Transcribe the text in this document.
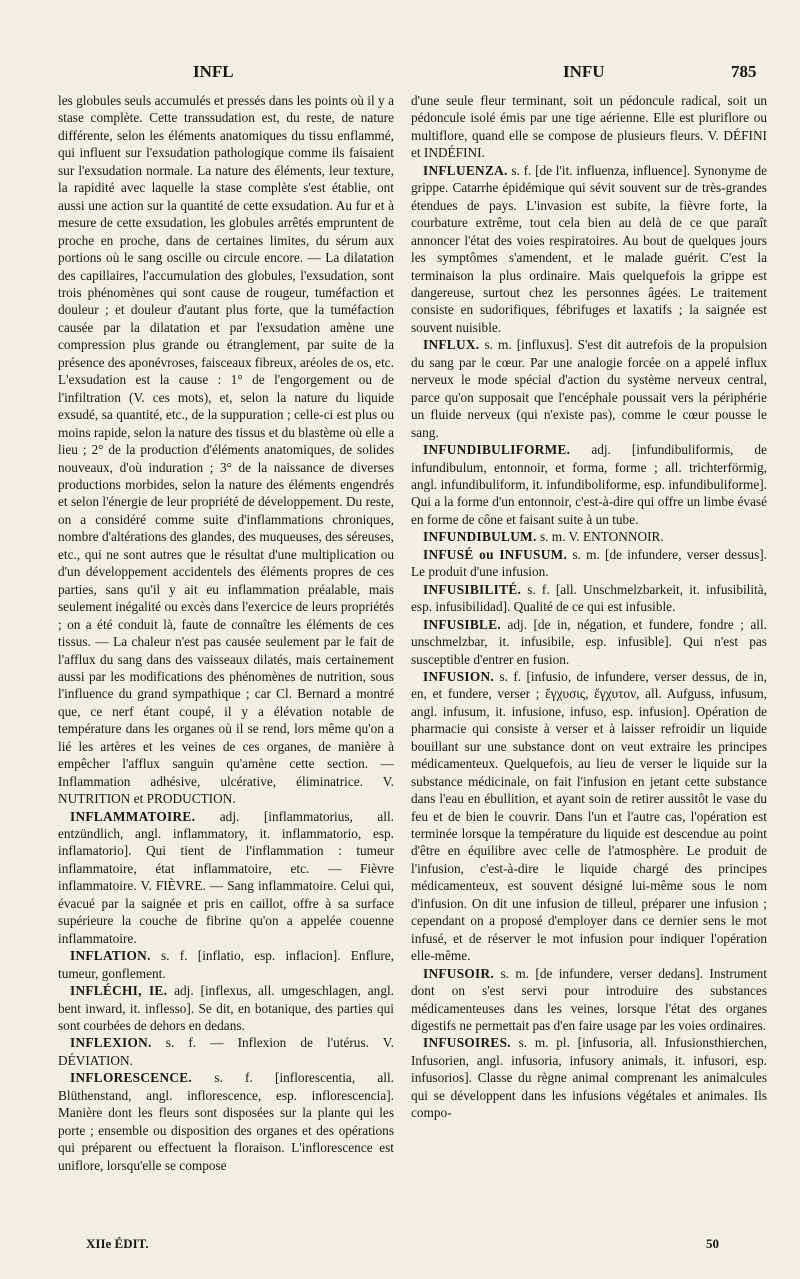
INFL	INFU	785

les globules seuls accumulés et pressés dans les points où il y a stase complète. Cette transsudation est, du reste, de nature différente, selon les éléments anatomiques du tissu enflammé, qui influent sur l'exsudation pathologique comme ils faisaient sur l'exsudation normale. La nature des éléments, leur texture, la rapidité avec laquelle la stase complète s'est établie, ont aussi une action sur la quantité de cette exsudation. Au fur et à mesure de cette exsudation, les globules arrêtés empruntent de proche en proche, dans de certaines limites, du sérum aux portions où le sang oscille ou circule encore. — La dilatation des capillaires, l'accumulation des globules, l'exsudation, sont trois phénomènes qui sont cause de rougeur, tuméfaction et douleur ; et douleur d'autant plus forte, que la tuméfaction causée par la dilatation et par l'exsudation amène une compression plus grande ou étranglement, par suite de la présence des aponévroses, faisceaux fibreux, aréoles de os, etc. L'exsudation est la cause : 1° de l'engorgement ou de l'infiltration (V. ces mots), et, selon la nature du liquide exsudé, sa quantité, etc., de la suppuration ; celle-ci est plus ou moins rapide, selon la nature des tissus et du blastème où elle a lieu ; 2° de la production d'éléments anatomiques, de solides nouveaux, d'où induration ; 3° de la naissance de diverses productions morbides, selon la nature des éléments engendrés et selon l'énergie de leur propriété de développement. Du reste, on a considéré comme suite d'inflammations chroniques, nombre d'altérations des glandes, des muqueuses, des séreuses, etc., qui ne sont autres que le résultat d'une multiplication ou d'un développement accidentels des éléments propres de ces parties, sans qu'il y ait eu inflammation préalable, mais seulement inégalité ou excès dans l'exercice de leurs propriétés ; on a été conduit là, faute de connaître les éléments de ces tissus. — La chaleur n'est pas causée seulement par le fait de l'afflux du sang dans des vaisseaux dilatés, mais certainement aussi par les modifications des phénomènes de nutrition, sous l'influence du grand sympathique ; car Cl. Bernard a montré que, ce nerf étant coupé, il y a élévation notable de température dans les organes où il se rend, lors même qu'on a lié les artères et les veines de ces organes, de manière à empêcher l'afflux sanguin qu'amène cette section. — Inflammation adhésive, ulcérative, éliminatrice. V. NUTRITION et PRODUCTION.

INFLAMMATOIRE. adj. [inflammatorius, all. entzündlich, angl. inflammatory, it. inflammatorio, esp. inflamatorio]. Qui tient de l'inflammation : tumeur inflammatoire, état inflammatoire, etc. — Fièvre inflammatoire. V. FIÈVRE. — Sang inflammatoire. Celui qui, évacué par la saignée et pris en caillot, offre à sa surface supérieure la couche de fibrine qu'on a appelée couenne inflammatoire.

INFLATION. s. f. [inflatio, esp. inflacion]. Enflure, tumeur, gonflement.

INFLÉCHI, IE. adj. [inflexus, all. umgeschlagen, angl. bent inward, it. inflesso]. Se dit, en botanique, des parties qui sont courbées de dehors en dedans.

INFLEXION. s. f. — Inflexion de l'utérus. V. DÉVIATION.

INFLORESCENCE. s. f. [inflorescentia, all. Blüthenstand, angl. inflorescence, esp. inflorescencia]. Manière dont les fleurs sont disposées sur la plante qui les porte ; ensemble ou disposition des organes et des opérations qui préparent ou effectuent la floraison. L'inflorescence est uniflore, lorsqu'elle se compose

d'une seule fleur terminant, soit un pédoncule radical, soit un pédoncule isolé émis par une tige aérienne. Elle est pluriflore ou multiflore, quand elle se compose de plusieurs fleurs. V. DÉFINI et INDÉFINI.

INFLUENZA. s. f. [de l'it. influenza, influence]. Synonyme de grippe. Catarrhe épidémique qui sévit souvent sur de très-grandes étendues de pays. L'invasion est subite, la fièvre forte, la courbature extrême, tout cela bien au delà de ce que paraît annoncer l'état des voies respiratoires. Au bout de quelques jours les symptômes s'amendent, et le malade guérit. C'est la terminaison la plus ordinaire. Mais quelquefois la grippe est dangereuse, surtout chez les personnes âgées. Le traitement consiste en sudorifiques, fébrifuges et laxatifs ; la saignée est souvent nuisible.

INFLUX. s. m. [influxus]. S'est dit autrefois de la propulsion du sang par le cœur. Par une analogie forcée on a appelé influx nerveux le mode spécial d'action du système nerveux central, parce qu'on supposait que l'encéphale poussait vers la périphérie un fluide nerveux (qui n'existe pas), comme le cœur pousse le sang.

INFUNDIBULIFORME. adj. [infundibuliformis, de infundibulum, entonnoir, et forma, forme ; all. trichterförmig, angl. infundibuliform, it. infundiboliforme, esp. infundibuliforme]. Qui a la forme d'un entonnoir, c'est-à-dire qui offre un limbe évasé en forme de cône et faisant suite à un tube.

INFUNDIBULUM. s. m. V. ENTONNOIR.

INFUSÉ ou INFUSUM. s. m. [de infundere, verser dessus]. Le produit d'une infusion.

INFUSIBILITÉ. s. f. [all. Unschmelzbarkeit, it. infusibilità, esp. infusibilidad]. Qualité de ce qui est infusible.

INFUSIBLE. adj. [de in, négation, et fundere, fondre ; all. unschmelzbar, it. infusibile, esp. infusible]. Qui n'est pas susceptible d'entrer en fusion.

INFUSION. s. f. [infusio, de infundere, verser dessus, de in, en, et fundere, verser ; ἔγχυσις, ἔγχυτον, all. Aufguss, infusum, angl. infusum, it. infusione, infuso, esp. infusion]. Opération de pharmacie qui consiste à verser et à laisser refroidir un liquide bouillant sur une substance dont on veut extraire les principes médicamenteux. Quelquefois, au lieu de verser le liquide sur la substance médicinale, on fait l'infusion en jetant cette substance dans l'eau en ébullition, et ayant soin de retirer aussitôt le vase du feu et de bien le couvrir. Dans l'un et l'autre cas, l'opération est terminée lorsque la température du liquide est descendue au point d'être en équilibre avec celle de l'atmosphère. Le produit de l'infusion, c'est-à-dire le liquide chargé des principes médicamenteux, est souvent désigné lui-même sous le nom d'infusion. On dit une infusion de tilleul, préparer une infusion ; cependant on a proposé d'employer dans ce dernier sens le mot infusé, et de réserver le mot infusion pour indiquer l'opération elle-même.

INFUSOIR. s. m. [de infundere, verser dedans]. Instrument dont on s'est servi pour introduire des substances médicamenteuses dans les veines, lorsque l'état des organes digestifs ne permettait pas d'en faire usage par les voies ordinaires.

INFUSOIRES. s. m. pl. [infusoria, all. Infusionsthierchen, Infusorien, angl. infusoria, infusory animals, it. infusori, esp. infusorios]. Classe du règne animal comprenant les animalcules qui se développent dans les infusions végétales et animales. Ils compo-

XIIe ÉDIT.	50
